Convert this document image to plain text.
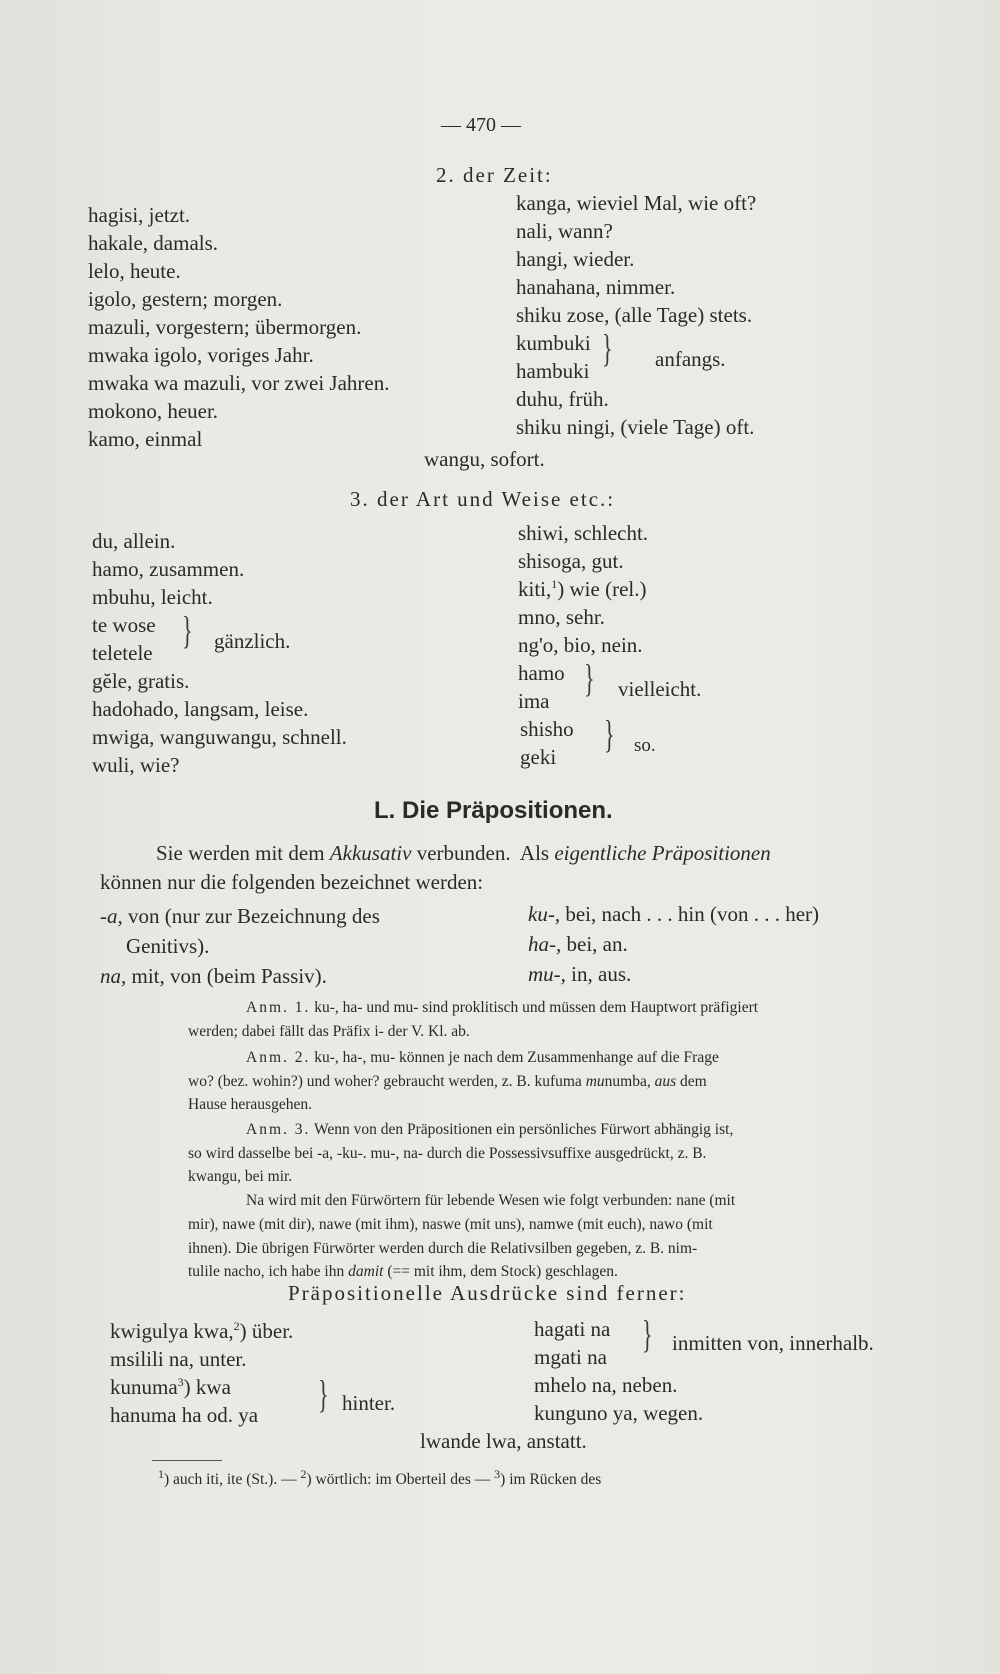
— 470 —
2. der Zeit:
hagisi, jetzt.
hakale, damals.
lelo, heute.
igolo, gestern; morgen.
mazuli, vorgestern; übermorgen.
mwaka igolo, voriges Jahr.
mwaka wa mazuli, vor zwei Jahren.
mokono, heuer.
kamo, einmal
kanga, wieviel Mal, wie oft?
nali, wann?
hangi, wieder.
hanahana, nimmer.
shiku zose, (alle Tage) stets.
kumbuki
hambuki
} anfangs.
duhu, früh.
shiku ningi, (viele Tage) oft.
wangu, sofort.
3. der Art und Weise etc.:
du, allein.
hamo, zusammen.
mbuhu, leicht.
te wose
teletele
} gänzlich.
gĕle, gratis.
hadohado, langsam, leise.
mwiga, wanguwangu, schnell.
wuli, wie?
shiwi, schlecht.
shisoga, gut.
kiti,$^1$) wie (rel.)
mno, sehr.
ng'o, bio, nein.
hamo
ima
} vielleicht.
shisho
geki
} so.
L. Die Präpositionen.
Sie werden mit dem Akkusativ verbunden. Als eigentliche Präpositionen
können nur die folgenden bezeichnet werden:
-a, von (nur zur Bezeichnung des
Genitivs).
na, mit, von (beim Passiv).
ku-, bei, nach . . . hin (von . . . her)
ha-, bei, an.
mu-, in, aus.
Anm. 1. ku-, ha- und mu- sind proklitisch und müssen dem Hauptwort präfigiert
werden; dabei fällt das Präfix i- der V. Kl. ab.
Anm. 2. ku-, ha-, mu- können je nach dem Zusammenhange auf die Frage
wo? (bez. wohin?) und woher? gebraucht werden, z. B. kufuma munumba, aus dem
Hause herausgehen.
Anm. 3. Wenn von den Präpositionen ein persönliches Fürwort abhängig ist,
so wird dasselbe bei -a, -ku-. mu-, na- durch die Possessivsuffixe ausgedrückt, z. B.
kwangu, bei mir.
Na wird mit den Fürwörtern für lebende Wesen wie folgt verbunden: nane (mit
mir), nawe (mit dir), nawe (mit ihm), naswe (mit uns), namwe (mit euch), nawo (mit
ihnen). Die übrigen Fürwörter werden durch die Relativsilben gegeben, z. B. nim-
tulile nacho, ich habe ihn damit (== mit ihm, dem Stock) geschlagen.
Präpositionelle Ausdrücke sind ferner:
kwigulya kwa,$^2$) über.
msilili na, unter.
kunuma$^3$) kwa
hanuma ha od. ya	} hinter.
hagati na
mgati na
} inmitten von, innerhalb.
mhelo na, neben.
kunguno ya, wegen.
lwande lwa, anstatt.
$^1$) auch iti, ite (St.). — $^2$) wörtlich: im Oberteil des — $^3$) im Rücken des
